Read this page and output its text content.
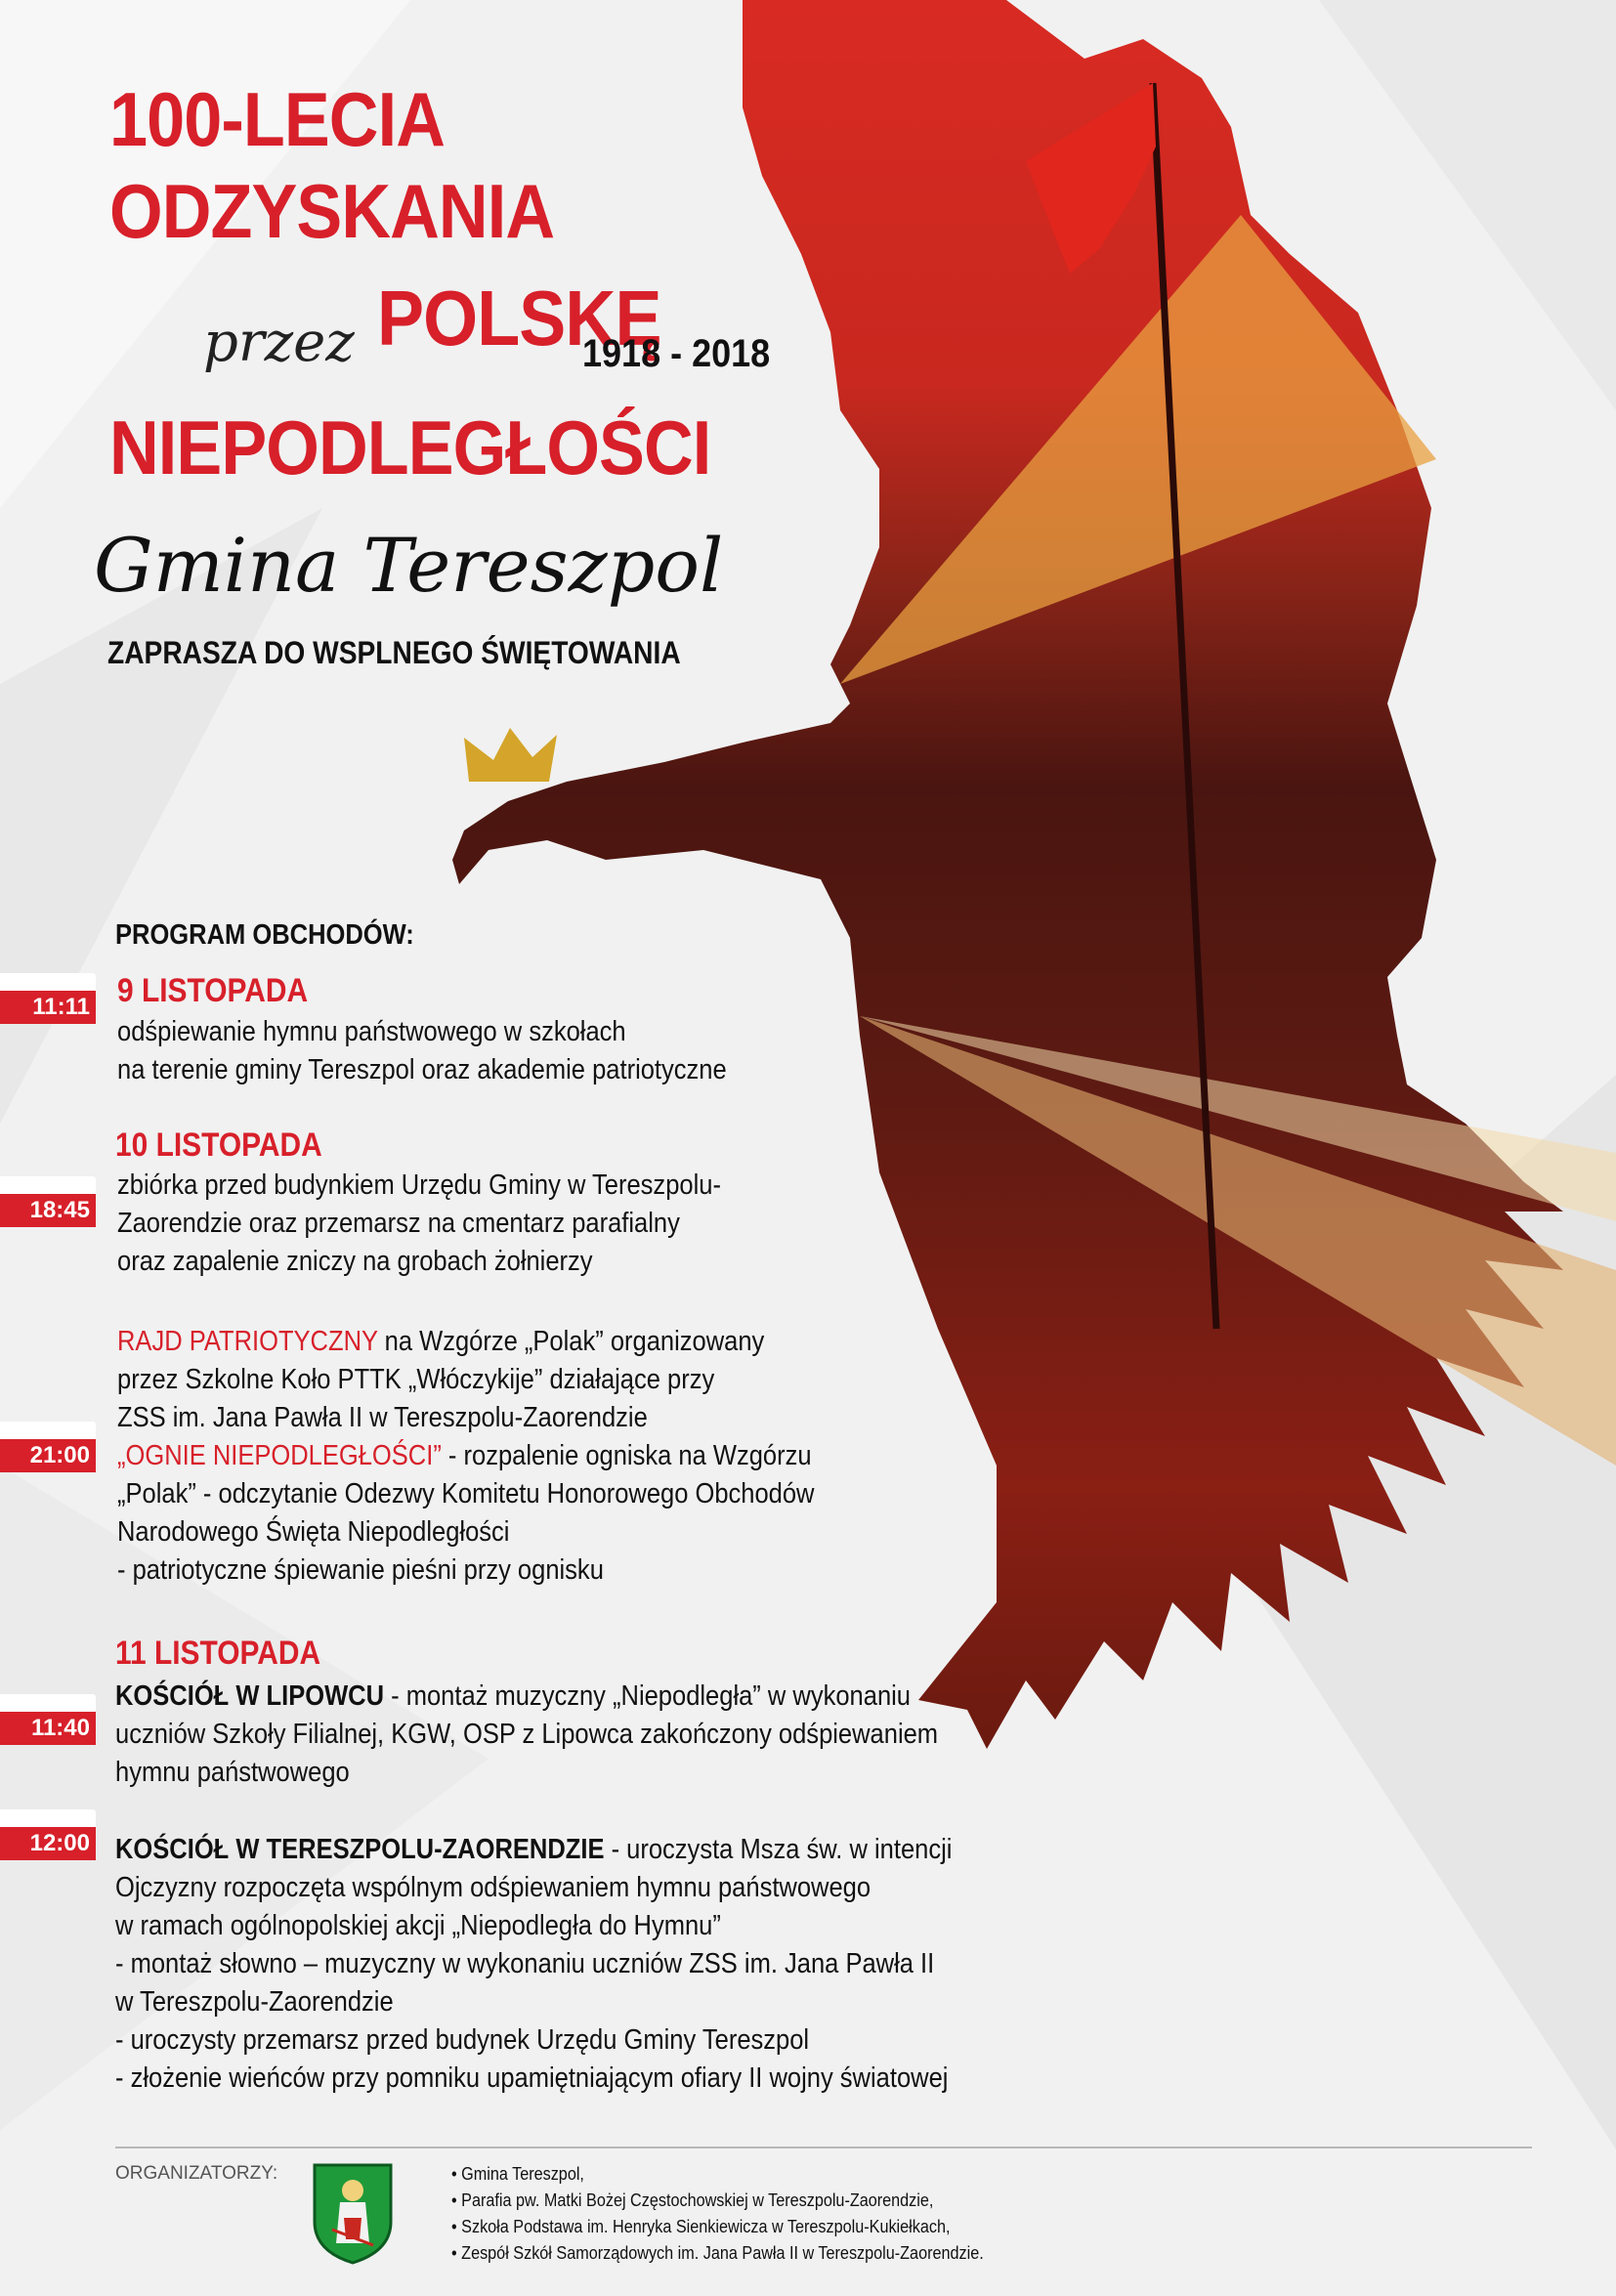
100-LECIA
ODZYSKANIA
przez POLSKĘ
1918 - 2018
NIEPODLEGŁOŚCI
Gmina Tereszpol
ZAPRASZA DO WSPLNEGO ŚWIĘTOWANIA
PROGRAM OBCHODÓW:
9 LISTOPADA
11:11
odśpiewanie hymnu państwowego w szkołach
na terenie gminy Tereszpol oraz akademie patriotyczne
10 LISTOPADA
18:45
zbiórka przed budynkiem Urzędu Gminy w Tereszpolu-
Zaorendzie oraz przemarsz na cmentarz parafialny
oraz zapalenie zniczy na grobach żołnierzy
RAJD PATRIOTYCZNY na Wzgórze „Polak” organizowany
przez Szkolne Koło PTTK „Włóczykije” działające przy
ZSS im. Jana Pawła II w Tereszpolu-Zaorendzie
„OGNIE NIEPODLEGŁOŚCI” - rozpalenie ogniska na Wzgórzu
„Polak” - odczytanie Odezwy Komitetu Honorowego Obchodów
Narodowego Święta Niepodległości
- patriotyczne śpiewanie pieśni przy ognisku
21:00
11 LISTOPADA
11:40
KOŚCIÓŁ W LIPOWCU - montaż muzyczny „Niepodległa” w wykonaniu
uczniów Szkoły Filialnej, KGW, OSP z Lipowca zakończony odśpiewaniem
hymnu państwowego
12:00 KOŚCIÓŁ W TERESZPOLU-ZAORENDZIE - uroczysta Msza św. w intencji
Ojczyzny rozpoczęta wspólnym odśpiewaniem hymnu państwowego
w ramach ogólnopolskiej akcji „Niepodległa do Hymnu”
- montaż słowno – muzyczny w wykonaniu uczniów ZSS im. Jana Pawła II
w Tereszpolu-Zaorendzie
- uroczysty przemarsz przed budynek Urzędu Gminy Tereszpol
- złożenie wieńców przy pomniku upamiętniającym ofiary II wojny światowej
ORGANIZATORZY:	• Gmina Tereszpol,
• Parafia pw. Matki Bożej Częstochowskiej w Tereszpolu-Zaorendzie,
• Szkoła Podstawa im. Henryka Sienkiewicza w Tereszpolu-Kukiełkach,
• Zespół Szkół Samorządowych im. Jana Pawła II w Tereszpolu-Zaorendzie.
